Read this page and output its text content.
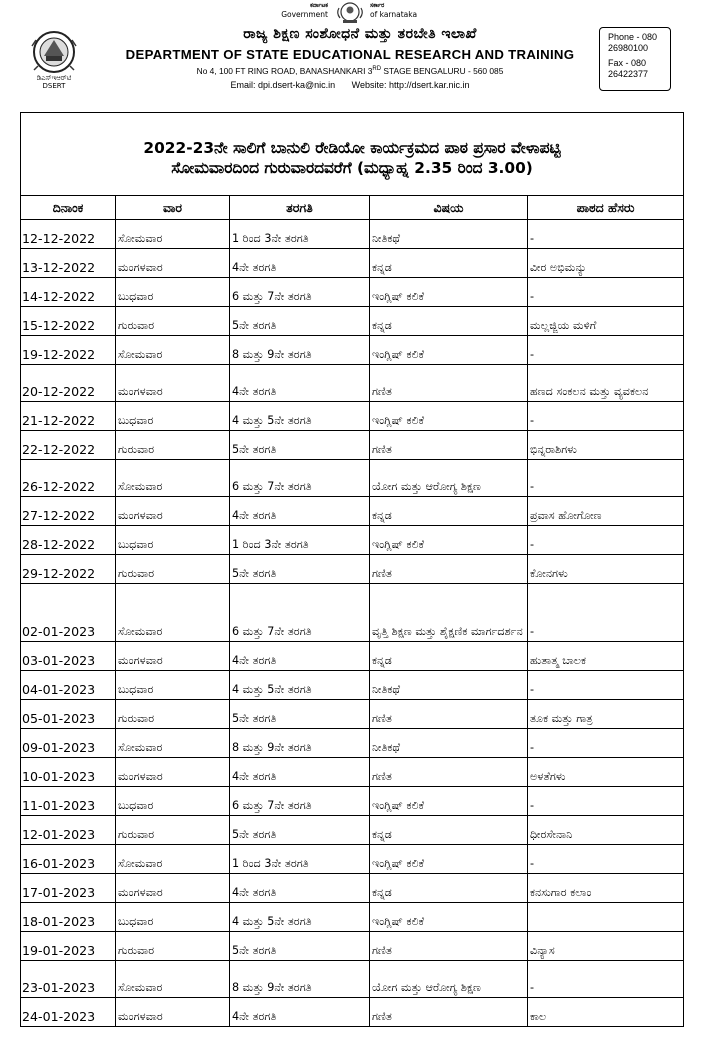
ಕರ್ನಾಟಕ
Government
ಸರ್ಕಾರ
of karnataka
ಡಿಎಸ್‌ಇಆರ್‌ಟಿ
DSERT
ರಾಜ್ಯ ಶಿಕ್ಷಣ ಸಂಶೋಧನೆ ಮತ್ತು ತರಬೇತಿ ಇಲಾಖೆ
DEPARTMENT OF STATE EDUCATIONAL RESEARCH AND TRAINING
No 4, 100 FT RING ROAD, BANASHANKARI 3RD STAGE BENGALURU - 560 085
Email: dpi.dsert-ka@nic.in Website: http://dsert.kar.nic.in
Phone - 080
26980100
Fax - 080
26422377
2022-23ನೇ ಸಾಲಿಗೆ ಬಾನುಲಿ ರೇಡಿಯೋ ಕಾರ್ಯಕ್ರಮದ ಪಾಠ ಪ್ರಸಾರ ವೇಳಾಪಟ್ಟಿ
ಸೋಮವಾರದಿಂದ ಗುರುವಾರದವರೆಗೆ (ಮಧ್ಯಾಹ್ನ 2.35 ರಿಂದ 3.00)				

ದಿನಾಂಕ	ವಾರ	ತರಗತಿ	ವಿಷಯ	ಪಾಠದ ಹೆಸರು
12-12-2022	ಸೋಮವಾರ	1 ರಿಂದ 3ನೇ ತರಗತಿ	ನೀತಿಕಥೆ	-
13-12-2022	ಮಂಗಳವಾರ	4ನೇ ತರಗತಿ	ಕನ್ನಡ	ವೀರ ಅಭಿಮನ್ಯು
14-12-2022	ಬುಧವಾರ	6 ಮತ್ತು 7ನೇ ತರಗತಿ	ಇಂಗ್ಲಿಷ್ ಕಲಿಕೆ	-
15-12-2022	ಗುರುವಾರ	5ನೇ ತರಗತಿ	ಕನ್ನಡ	ಮಲ್ಲಜ್ಜಿಯ ಮಳಿಗೆ
19-12-2022	ಸೋಮವಾರ	8 ಮತ್ತು 9ನೇ ತರಗತಿ	ಇಂಗ್ಲಿಷ್ ಕಲಿಕೆ	-
20-12-2022	ಮಂಗಳವಾರ	4ನೇ ತರಗತಿ	ಗಣಿತ	ಹಣದ ಸಂಕಲನ ಮತ್ತು ವ್ಯವಕಲನ
21-12-2022	ಬುಧವಾರ	4 ಮತ್ತು 5ನೇ ತರಗತಿ	ಇಂಗ್ಲಿಷ್ ಕಲಿಕೆ	-
22-12-2022	ಗುರುವಾರ	5ನೇ ತರಗತಿ	ಗಣಿತ	ಭಿನ್ನರಾಶಿಗಳು
26-12-2022	ಸೋಮವಾರ	6 ಮತ್ತು 7ನೇ ತರಗತಿ	ಯೋಗ ಮತ್ತು ಆರೋಗ್ಯ ಶಿಕ್ಷಣ	-
27-12-2022	ಮಂಗಳವಾರ	4ನೇ ತರಗತಿ	ಕನ್ನಡ	ಪ್ರವಾಸ ಹೋಗೋಣ
28-12-2022	ಬುಧವಾರ	1 ರಿಂದ 3ನೇ ತರಗತಿ	ಇಂಗ್ಲಿಷ್ ಕಲಿಕೆ	-
29-12-2022	ಗುರುವಾರ	5ನೇ ತರಗತಿ	ಗಣಿತ	ಕೋನಗಳು
02-01-2023	ಸೋಮವಾರ	6 ಮತ್ತು 7ನೇ ತರಗತಿ	ವೃತ್ತಿ ಶಿಕ್ಷಣ ಮತ್ತು ಶೈಕ್ಷಣಿಕ ಮಾರ್ಗದರ್ಶನ	-
03-01-2023	ಮಂಗಳವಾರ	4ನೇ ತರಗತಿ	ಕನ್ನಡ	ಹುತಾತ್ಮ ಬಾಲಕ
04-01-2023	ಬುಧವಾರ	4 ಮತ್ತು 5ನೇ ತರಗತಿ	ನೀತಿಕಥೆ	-
05-01-2023	ಗುರುವಾರ	5ನೇ ತರಗತಿ	ಗಣಿತ	ತೂಕ ಮತ್ತು ಗಾತ್ರ
09-01-2023	ಸೋಮವಾರ	8 ಮತ್ತು 9ನೇ ತರಗತಿ	ನೀತಿಕಥೆ	-
10-01-2023	ಮಂಗಳವಾರ	4ನೇ ತರಗತಿ	ಗಣಿತ	ಅಳತೆಗಳು
11-01-2023	ಬುಧವಾರ	6 ಮತ್ತು 7ನೇ ತರಗತಿ	ಇಂಗ್ಲಿಷ್ ಕಲಿಕೆ	-
12-01-2023	ಗುರುವಾರ	5ನೇ ತರಗತಿ	ಕನ್ನಡ	ಧೀರಸೇನಾನಿ
16-01-2023	ಸೋಮವಾರ	1 ರಿಂದ 3ನೇ ತರಗತಿ	ಇಂಗ್ಲಿಷ್ ಕಲಿಕೆ	-
17-01-2023	ಮಂಗಳವಾರ	4ನೇ ತರಗತಿ	ಕನ್ನಡ	ಕನಸುಗಾರ ಕಲಾಂ
18-01-2023	ಬುಧವಾರ	4 ಮತ್ತು 5ನೇ ತರಗತಿ	ಇಂಗ್ಲಿಷ್ ಕಲಿಕೆ	
19-01-2023	ಗುರುವಾರ	5ನೇ ತರಗತಿ	ಗಣಿತ	ವಿನ್ಯಾಸ
23-01-2023	ಸೋಮವಾರ	8 ಮತ್ತು 9ನೇ ತರಗತಿ	ಯೋಗ ಮತ್ತು ಆರೋಗ್ಯ ಶಿಕ್ಷಣ	-
24-01-2023	ಮಂಗಳವಾರ	4ನೇ ತರಗತಿ	ಗಣಿತ	ಕಾಲ
